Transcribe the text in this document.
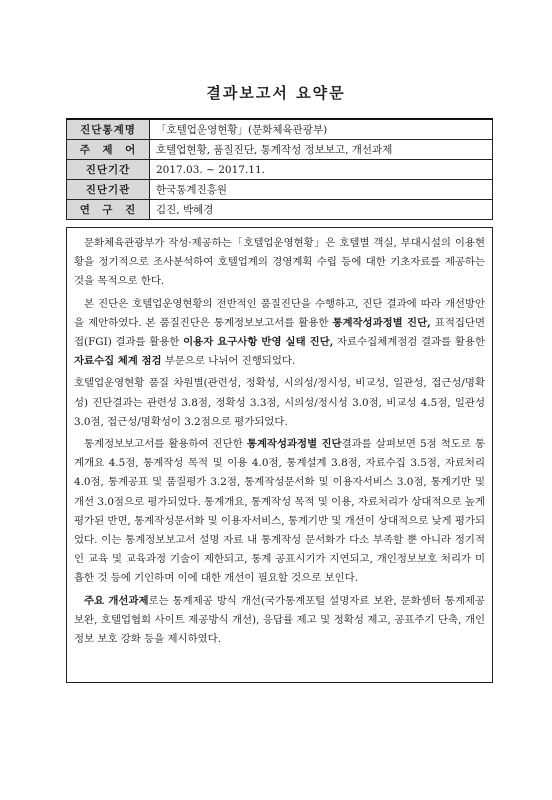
결과보고서 요약문
진단통계명	「호텔업운영현황」(문화체육관광부)
주　제　어	호텔업현황, 품질진단, 통계작성 정보보고, 개선과제
진단기간	2017.03. ~ 2017.11.
진단기관	한국통계진흥원
연　구　진	김진, 박혜경

문화체육관광부가 작성·제공하는「호텔업운영현황」은 호텔별 객실, 부대시설의 이용현황을 정기적으로 조사분석하여 호텔업계의 경영계획 수립 등에 대한 기초자료를 제공하는 것을 목적으로 한다.

본 진단은 호텔업운영현황의 전반적인 품질진단을 수행하고, 진단 결과에 따라 개선방안을 제안하였다. 본 품질진단은 통계정보보고서를 활용한 통계작성과정별 진단, 표적집단면접(FGI) 결과를 활용한 이용자 요구사항 반영 실태 진단, 자료수집체계점검 결과를 활용한 자료수집 체계 점검 부문으로 나뉘어 진행되었다.

호텔업운영현황 품질 차원별(관련성, 정확성, 시의성/정시성, 비교성, 일관성, 접근성/명확성) 진단결과는 관련성 3.8점, 정확성 3.3점, 시의성/정시성 3.0점, 비교성 4.5점, 일관성 3.0점, 접근성/명확성이 3.2점으로 평가되었다.

통계정보보고서를 활용하여 진단한 통계작성과정별 진단결과를 살펴보면 5점 척도로 통계개요 4.5점, 통계작성 목적 및 이용 4.0점, 통계설계 3.8점, 자료수집 3.5점, 자료처리 4.0점, 통계공표 및 품질평가 3.2점, 통계작성문서화 및 이용자서비스 3.0점, 통계기반 및 개선 3.0점으로 평가되었다. 통계개요, 통계작성 목적 및 이용, 자료처리가 상대적으로 높게 평가된 반면, 통계작성문서화 및 이용자서비스, 통계기반 및 개선이 상대적으로 낮게 평가되었다. 이는 통계정보보고서 설명 자료 내 통계작성 문서화가 다소 부족할 뿐 아니라 정기적인 교육 및 교육과정 기술이 제한되고, 통계 공표시기가 지연되고, 개인정보보호 처리가 미흡한 것 등에 기인하며 이에 대한 개선이 필요할 것으로 보인다.

주요 개선과제로는 통계제공 방식 개선(국가통계포털 설명자료 보완, 문화셈터 통계제공 보완, 호텔업협회 사이트 제공방식 개선), 응답률 제고 및 정확성 제고, 공표주기 단축, 개인정보 보호 강화 등을 제시하였다.
